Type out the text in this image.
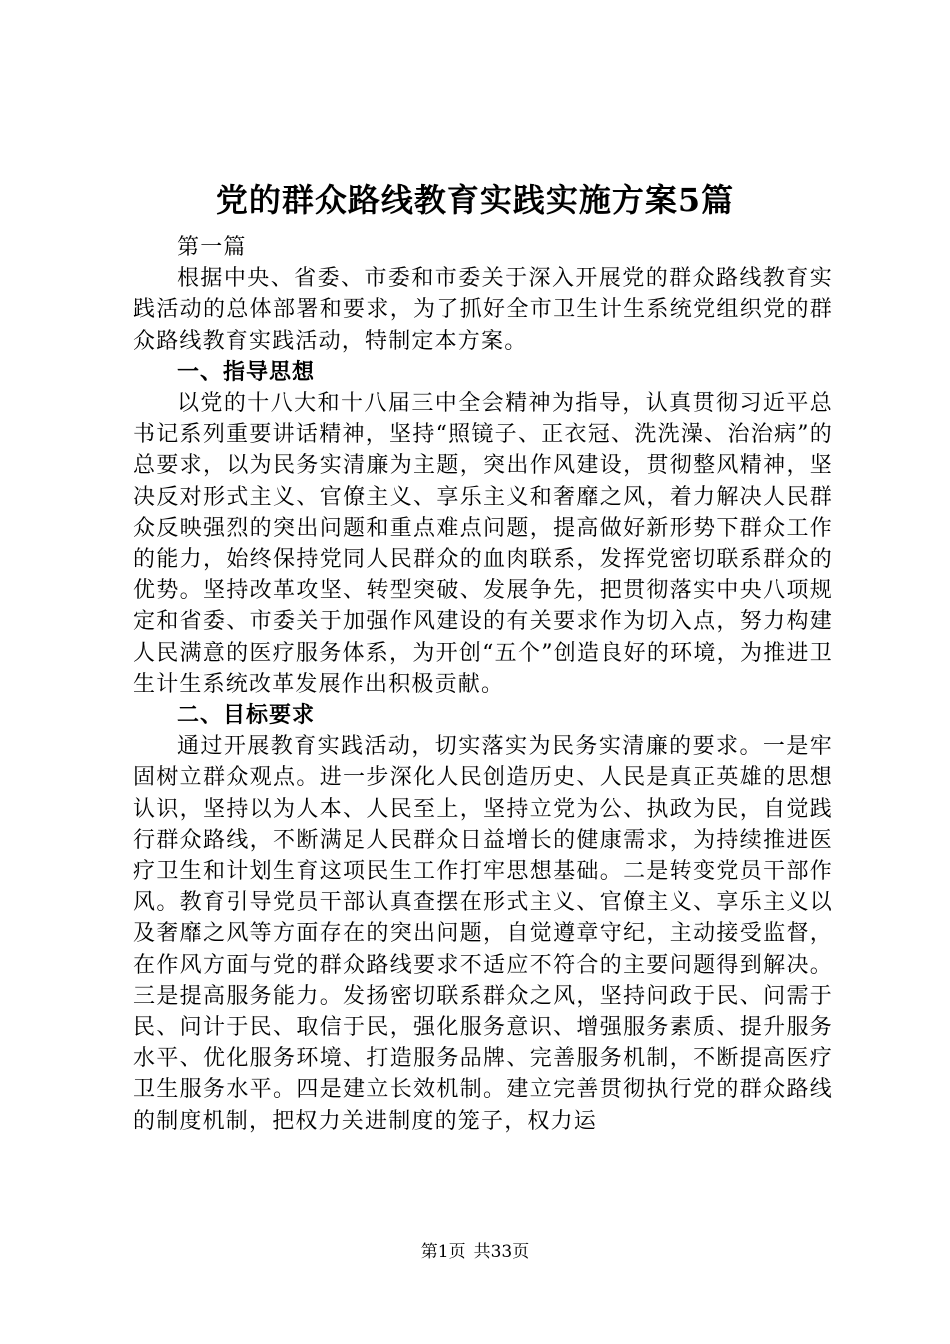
党的群众路线教育实践实施方案5篇

第一篇

根据中央、省委、市委和市委关于深入开展党的群众路线教育实践活动的总体部署和要求，为了抓好全市卫生计生系统党组织党的群众路线教育实践活动，特制定本方案。

一、指导思想

以党的十八大和十八届三中全会精神为指导，认真贯彻习近平总书记系列重要讲话精神，坚持“照镜子、正衣冠、洗洗澡、治治病”的总要求，以为民务实清廉为主题，突出作风建设，贯彻整风精神，坚决反对形式主义、官僚主义、享乐主义和奢靡之风，着力解决人民群众反映强烈的突出问题和重点难点问题，提高做好新形势下群众工作的能力，始终保持党同人民群众的血肉联系，发挥党密切联系群众的优势。坚持改革攻坚、转型突破、发展争先，把贯彻落实中央八项规定和省委、市委关于加强作风建设的有关要求作为切入点，努力构建人民满意的医疗服务体系，为开创“五个”创造良好的环境，为推进卫生计生系统改革发展作出积极贡献。

二、目标要求

通过开展教育实践活动，切实落实为民务实清廉的要求。一是牢固树立群众观点。进一步深化人民创造历史、人民是真正英雄的思想认识，坚持以为人本、人民至上，坚持立党为公、执政为民，自觉践行群众路线，不断满足人民群众日益增长的健康需求，为持续推进医疗卫生和计划生育这项民生工作打牢思想基础。二是转变党员干部作风。教育引导党员干部认真查摆在形式主义、官僚主义、享乐主义以及奢靡之风等方面存在的突出问题，自觉遵章守纪，主动接受监督，在作风方面与党的群众路线要求不适应不符合的主要问题得到解决。三是提高服务能力。发扬密切联系群众之风，坚持问政于民、问需于民、问计于民、取信于民，强化服务意识、增强服务素质、提升服务水平、优化服务环境、打造服务品牌、完善服务机制，不断提高医疗卫生服务水平。四是建立长效机制。建立完善贯彻执行党的群众路线的制度机制，把权力关进制度的笼子，权力运

第1页 共33页
